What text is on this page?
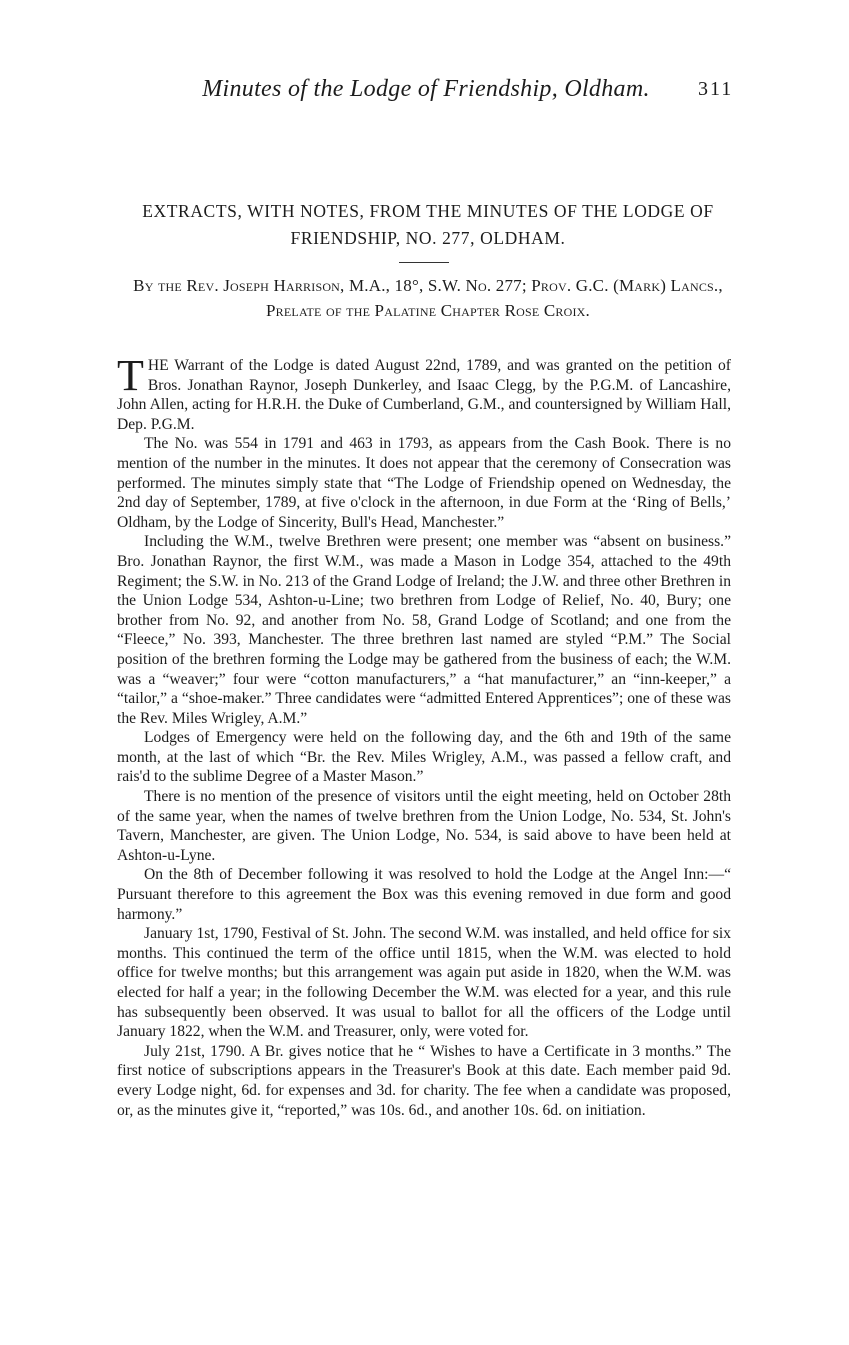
Minutes of the Lodge of Friendship, Oldham.	311
EXTRACTS, WITH NOTES, FROM THE MINUTES OF THE LODGE OF FRIENDSHIP, NO. 277, OLDHAM.
By the Rev. Joseph Harrison, M.A., 18°, S.W. No. 277; Prov. G.C. (Mark) Lancs., Prelate of the Palatine Chapter Rose Croix.

THE Warrant of the Lodge is dated August 22nd, 1789, and was granted on the petition of Bros. Jonathan Raynor, Joseph Dunkerley, and Isaac Clegg, by the P.G.M. of Lancashire, John Allen, acting for H.R.H. the Duke of Cumberland, G.M., and countersigned by William Hall, Dep. P.G.M.

The No. was 554 in 1791 and 463 in 1793, as appears from the Cash Book. There is no mention of the number in the minutes. It does not appear that the ceremony of Consecration was performed. The minutes simply state that “The Lodge of Friendship opened on Wednesday, the 2nd day of September, 1789, at five o'clock in the afternoon, in due Form at the ‘Ring of Bells,’ Oldham, by the Lodge of Sincerity, Bull's Head, Manchester.”

Including the W.M., twelve Brethren were present; one member was “absent on business.” Bro. Jonathan Raynor, the first W.M., was made a Mason in Lodge 354, attached to the 49th Regiment; the S.W. in No. 213 of the Grand Lodge of Ireland; the J.W. and three other Brethren in the Union Lodge 534, Ashton-u-Line; two brethren from Lodge of Relief, No. 40, Bury; one brother from No. 92, and another from No. 58, Grand Lodge of Scotland; and one from the “Fleece,” No. 393, Manchester. The three brethren last named are styled “P.M.” The Social position of the brethren forming the Lodge may be gathered from the business of each; the W.M. was a “weaver;” four were “cotton manufacturers,” a “hat manufacturer,” an “inn-keeper,” a “tailor,” a “shoe-maker.” Three candidates were “admitted Entered Apprentices”; one of these was the Rev. Miles Wrigley, A.M.”

Lodges of Emergency were held on the following day, and the 6th and 19th of the same month, at the last of which “Br. the Rev. Miles Wrigley, A.M., was passed a fellow craft, and rais'd to the sublime Degree of a Master Mason.”

There is no mention of the presence of visitors until the eight meeting, held on October 28th of the same year, when the names of twelve brethren from the Union Lodge, No. 534, St. John's Tavern, Manchester, are given. The Union Lodge, No. 534, is said above to have been held at Ashton-u-Lyne.

On the 8th of December following it was resolved to hold the Lodge at the Angel Inn:—“ Pursuant therefore to this agreement the Box was this evening removed in due form and good harmony.”

January 1st, 1790, Festival of St. John. The second W.M. was installed, and held office for six months. This continued the term of the office until 1815, when the W.M. was elected to hold office for twelve months; but this arrangement was again put aside in 1820, when the W.M. was elected for half a year; in the following December the W.M. was elected for a year, and this rule has subsequently been observed. It was usual to ballot for all the officers of the Lodge until January 1822, when the W.M. and Treasurer, only, were voted for.

July 21st, 1790. A Br. gives notice that he “ Wishes to have a Certificate in 3 months.” The first notice of subscriptions appears in the Treasurer's Book at this date. Each member paid 9d. every Lodge night, 6d. for expenses and 3d. for charity. The fee when a candidate was proposed, or, as the minutes give it, “reported,” was 10s. 6d., and another 10s. 6d. on initiation.
